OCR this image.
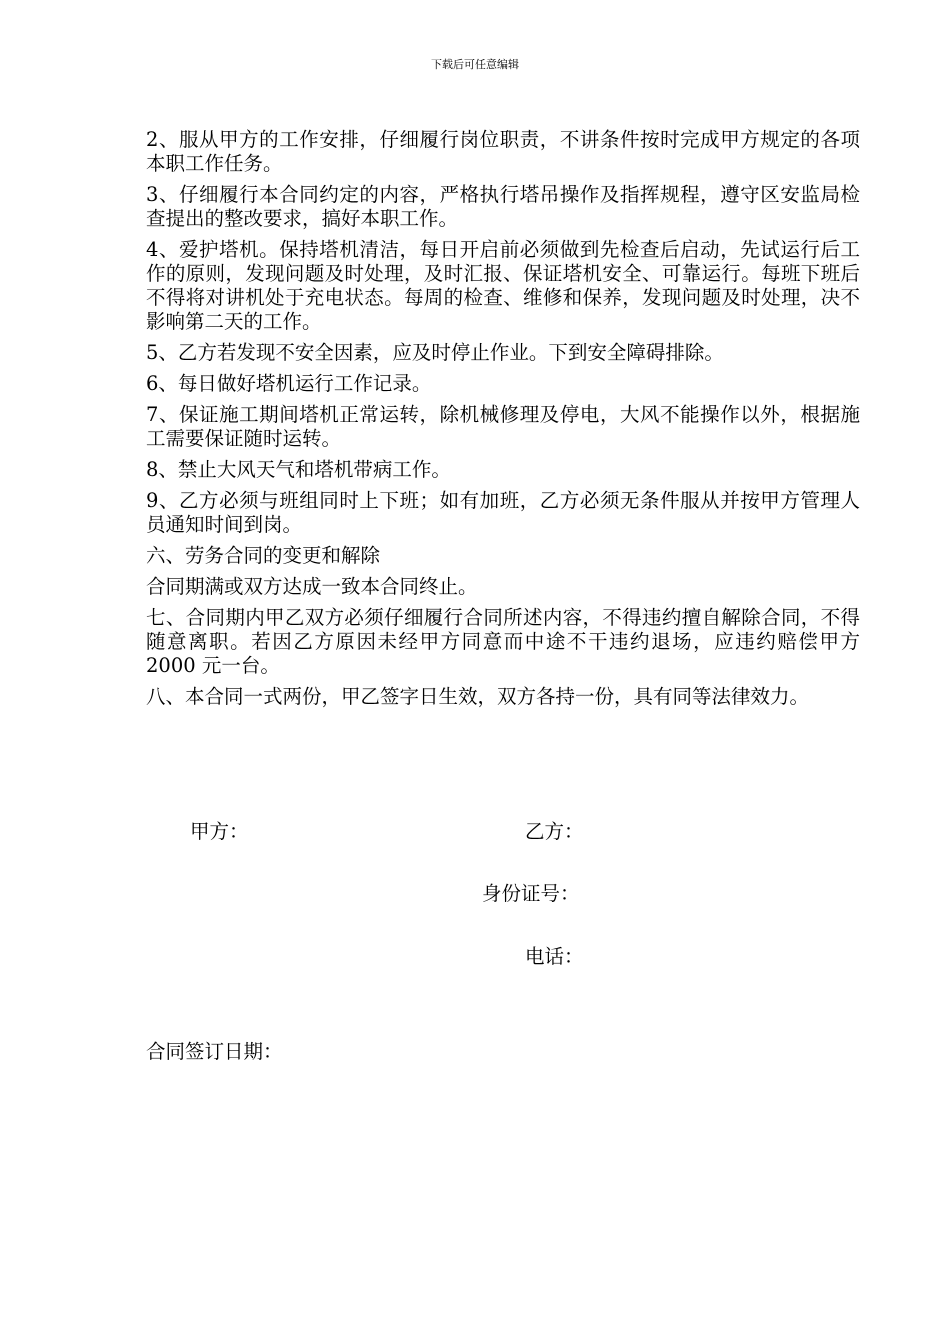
下载后可任意编辑

2、服从甲方的工作安排，仔细履行岗位职责，不讲条件按时完成甲方规定的各项本职工作任务。

3、仔细履行本合同约定的内容，严格执行塔吊操作及指挥规程，遵守区安监局检查提出的整改要求，搞好本职工作。

4、爱护塔机。保持塔机清洁，每日开启前必须做到先检查后启动，先试运行后工作的原则，发现问题及时处理，及时汇报、保证塔机安全、可靠运行。每班下班后不得将对讲机处于充电状态。每周的检查、维修和保养，发现问题及时处理，决不影响第二天的工作。

5、乙方若发现不安全因素，应及时停止作业。下到安全障碍排除。

6、每日做好塔机运行工作记录。

7、保证施工期间塔机正常运转，除机械修理及停电，大风不能操作以外，根据施工需要保证随时运转。

8、禁止大风天气和塔机带病工作。

9、乙方必须与班组同时上下班；如有加班，乙方必须无条件服从并按甲方管理人员通知时间到岗。

六、劳务合同的变更和解除

合同期满或双方达成一致本合同终止。

七、合同期内甲乙双方必须仔细履行合同所述内容，不得违约擅自解除合同，不得随意离职。若因乙方原因未经甲方同意而中途不干违约退场，应违约赔偿甲方 2000 元一台。

八、本合同一式两份，甲乙签字日生效，双方各持一份，具有同等法律效力。

甲方：	乙方：
身份证号：
电话：
合同签订日期：
